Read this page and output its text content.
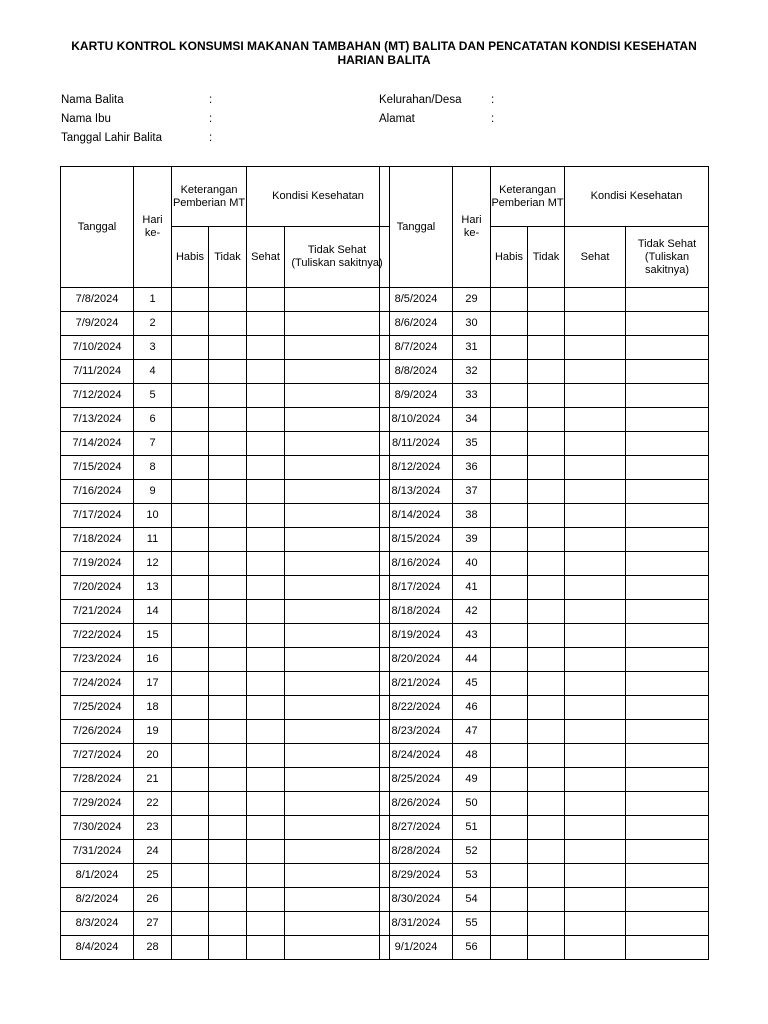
KARTU KONTROL KONSUMSI MAKANAN TAMBAHAN (MT) BALITA DAN PENCATATAN KONDISI KESEHATAN
HARIAN BALITA
Nama Balita	:
Nama Ibu	:
Tanggal Lahir Balita	:
Kelurahan/Desa	:
Alamat	:
Tanggal	Hari ke-	Keterangan Pemberian MT		Kondisi Kesehatan	
		Habis	Tidak	Sehat	Tidak Sehat (Tuliskan sakitnya)
7/8/2024	1				
7/9/2024	2				
7/10/2024	3				
7/11/2024	4				
7/12/2024	5				
7/13/2024	6				
7/14/2024	7				
7/15/2024	8				
7/16/2024	9				
7/17/2024	10				
7/18/2024	11				
7/19/2024	12				
7/20/2024	13				
7/21/2024	14				
7/22/2024	15				
7/23/2024	16				
7/24/2024	17				
7/25/2024	18				
7/26/2024	19				
7/27/2024	20				
7/28/2024	21				
7/29/2024	22				
7/30/2024	23				
7/31/2024	24				
8/1/2024	25				
8/2/2024	26				
8/3/2024	27				
8/4/2024	28				
Tanggal	Hari ke-	Keterangan Pemberian MT		Kondisi Kesehatan	
		Habis	Tidak	Sehat	Tidak Sehat (Tuliskan sakitnya)
8/5/2024	29				
8/6/2024	30				
8/7/2024	31				
8/8/2024	32				
8/9/2024	33				
8/10/2024	34				
8/11/2024	35				
8/12/2024	36				
8/13/2024	37				
8/14/2024	38				
8/15/2024	39				
8/16/2024	40				
8/17/2024	41				
8/18/2024	42				
8/19/2024	43				
8/20/2024	44				
8/21/2024	45				
8/22/2024	46				
8/23/2024	47				
8/24/2024	48				
8/25/2024	49				
8/26/2024	50				
8/27/2024	51				
8/28/2024	52				
8/29/2024	53				
8/30/2024	54				
8/31/2024	55				
9/1/2024	56				
